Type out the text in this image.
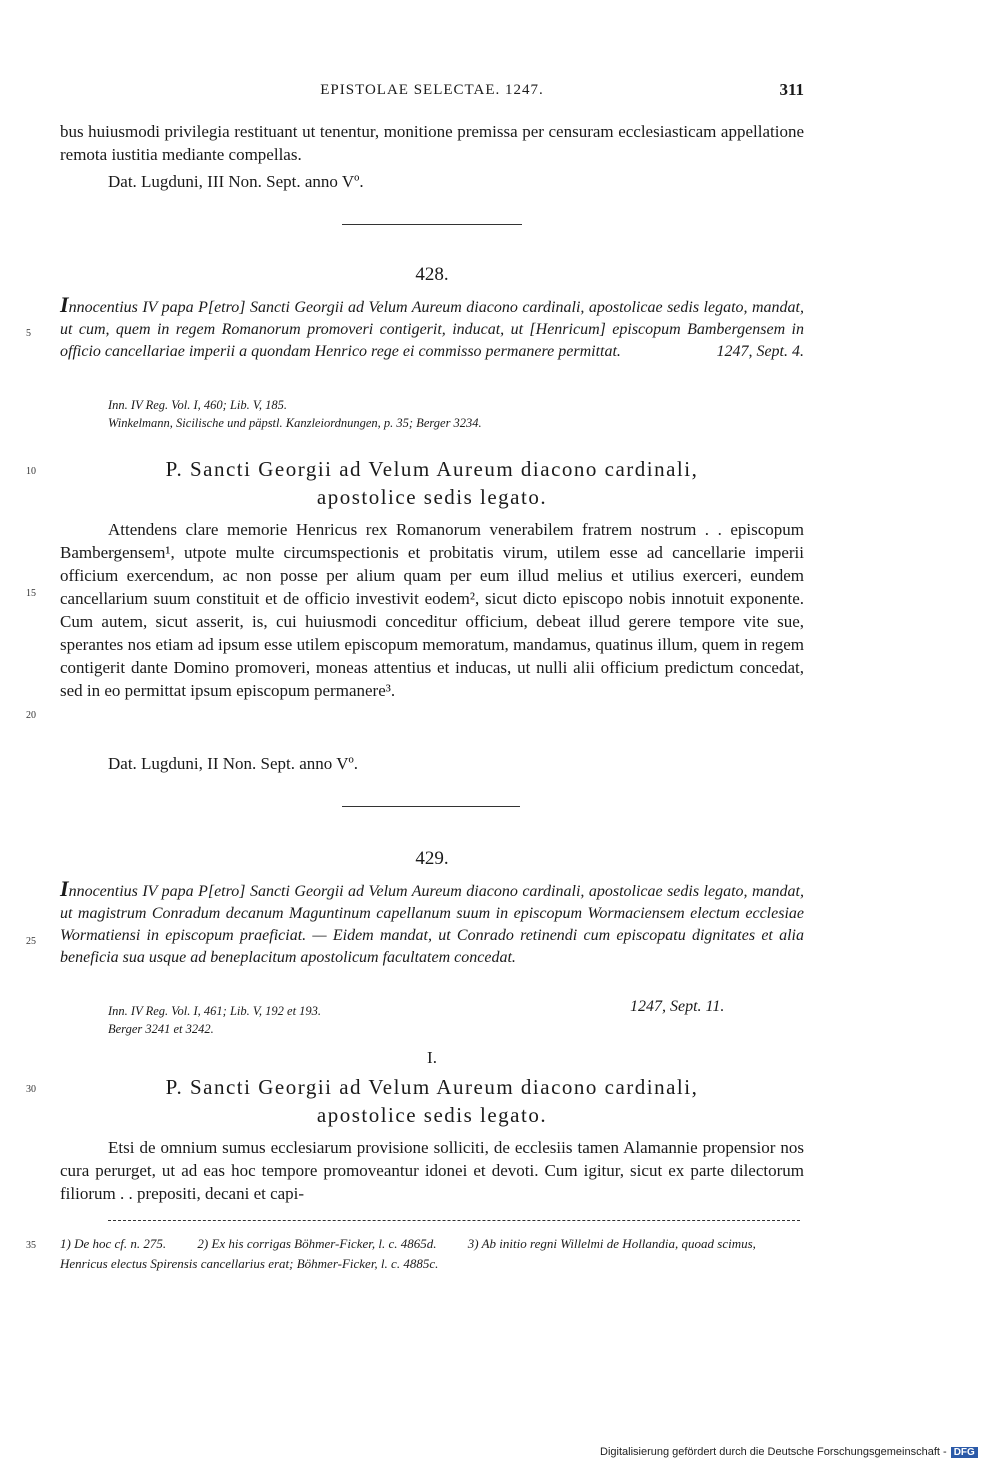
EPISTOLAE SELECTAE. 1247.	311
bus huiusmodi privilegia restituant ut tenentur, monitione premissa per censuram ecclesiasticam appellatione remota iustitia mediante compellas.
Dat. Lugduni, III Non. Sept. anno Vº.
428.
Innocentius IV papa P[etro] Sancti Georgii ad Velum Aureum diacono cardinali, apostolicae sedis legato, mandat, ut cum, quem in regem Romanorum promoveri contigerit, inducat, ut [Henricum] episcopum Bambergensem in officio cancellariae imperii a quondam Henrico rege ei commisso permanere permittat.	1247, Sept. 4.
Inn. IV Reg. Vol. I, 460; Lib. V, 185.
Winkelmann, Sicilische und päpstl. Kanzleiordnungen, p. 35; Berger 3234.
P. Sancti Georgii ad Velum Aureum diacono cardinali,
apostolice sedis legato.
Attendens clare memorie Henricus rex Romanorum venerabilem fratrem nostrum . . episcopum Bambergensem¹, utpote multe circumspectionis et probitatis virum, utilem esse ad cancellarie imperii officium exercendum, ac non posse per alium quam per eum illud melius et utilius exerceri, eundem cancellarium suum constituit et de officio investivit eodem², sicut dicto episcopo nobis innotuit exponente. Cum autem, sicut asserit, is, cui huiusmodi conceditur officium, debeat illud gerere tempore vite sue, sperantes nos etiam ad ipsum esse utilem episcopum memoratum, mandamus, quatinus illum, quem in regem contigerit dante Domino promoveri, moneas attentius et inducas, ut nulli alii officium predictum concedat, sed in eo permittat ipsum episcopum permanere³.
Dat. Lugduni, II Non. Sept. anno Vº.
429.
Innocentius IV papa P[etro] Sancti Georgii ad Velum Aureum diacono cardinali, apostolicae sedis legato, mandat, ut magistrum Conradum decanum Maguntinum capellanum suum in episcopum Wormaciensem electum ecclesiae Wormatiensi in episcopum praeficiat. — Eidem mandat, ut Conrado retinendi cum episcopatu dignitates et alia beneficia sua usque ad beneplacitum apostolicum facultatem concedat.
Inn. IV Reg. Vol. I, 461; Lib. V, 192 et 193.	1247, Sept. 11.
Berger 3241 et 3242.
I.
P. Sancti Georgii ad Velum Aureum diacono cardinali,
apostolice sedis legato.
Etsi de omnium sumus ecclesiarum provisione solliciti, de ecclesiis tamen Alamannie propensior nos cura perurget, ut ad eas hoc tempore promoveantur idonei et devoti. Cum igitur, sicut ex parte dilectorum filiorum . . prepositi, decani et capi-
5
10
15
20
25
30
35 1) De hoc cf. n. 275. 2) Ex his corrigas Böhmer-Ficker, l. c. 4865d. 3) Ab initio regni Willelmi de Hollandia, quoad scimus, Henricus electus Spirensis cancellarius erat; Böhmer-Ficker, l. c. 4885c.
Digitalisierung gefördert durch die Deutsche Forschungsgemeinschaft - DFG
